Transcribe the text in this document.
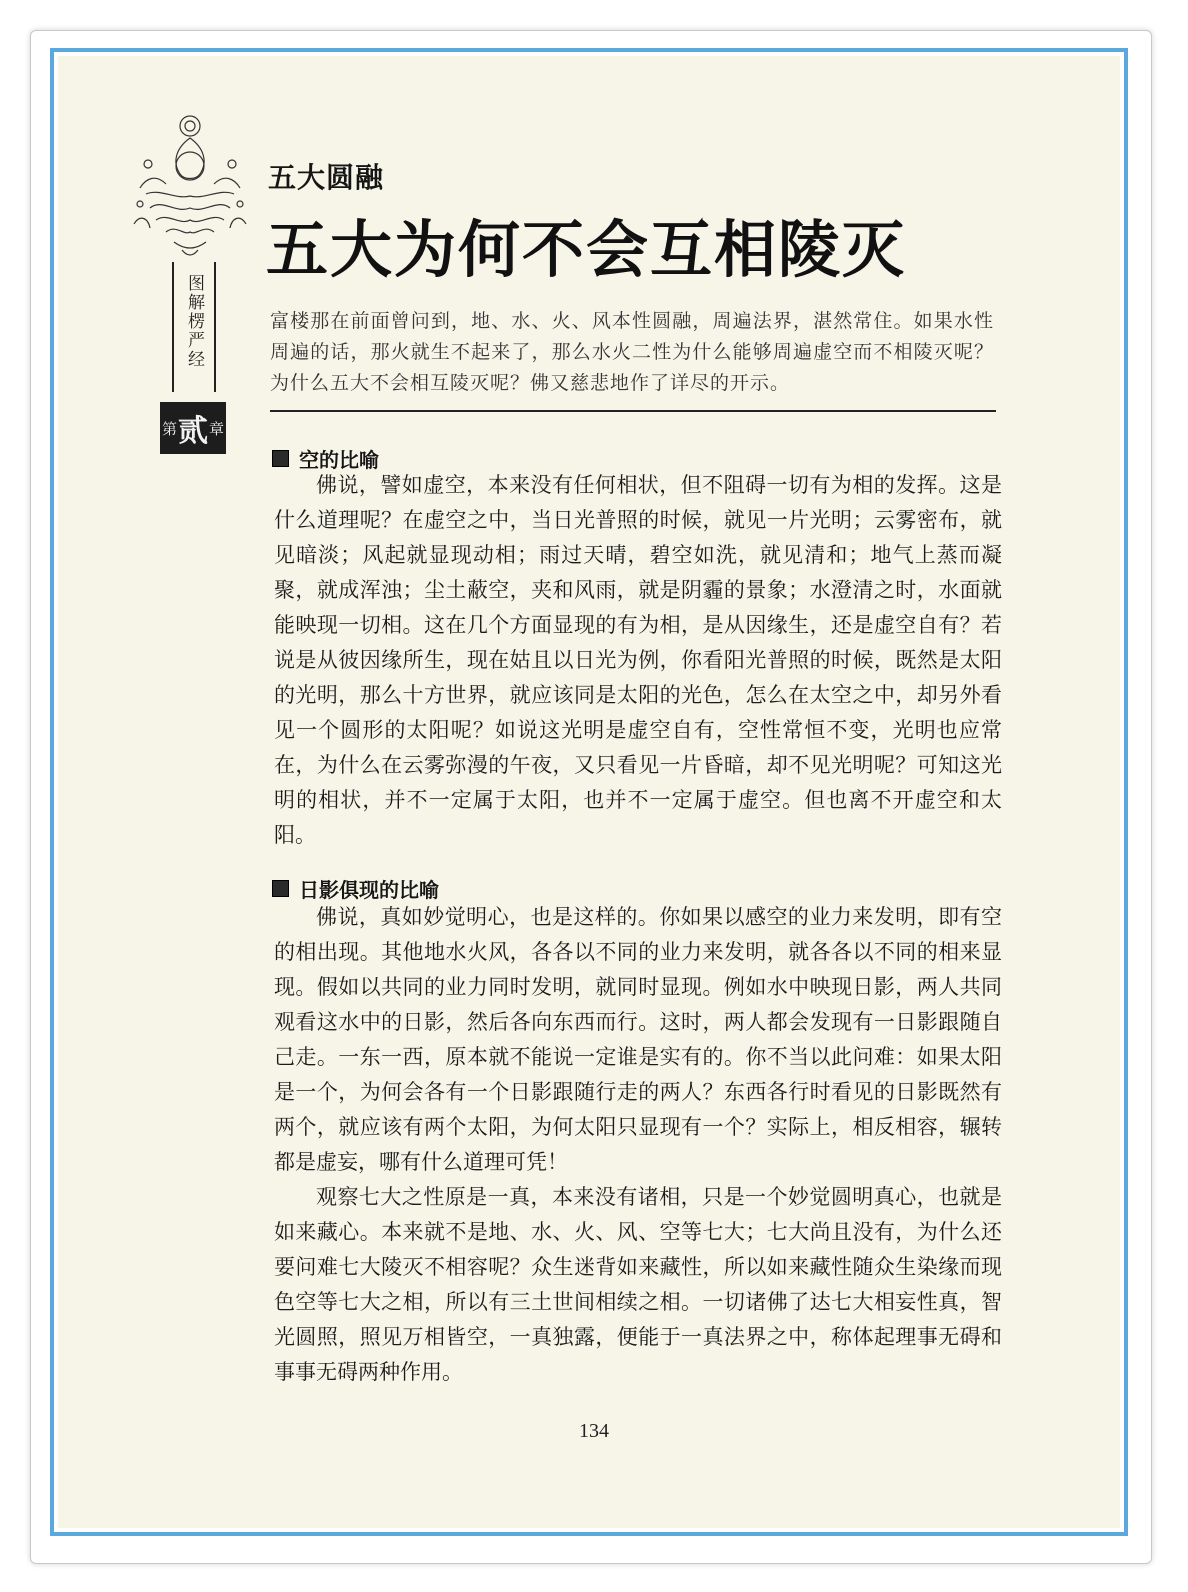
图解楞严经
第 贰 章
五大圆融
五大为何不会互相陵灭
富楼那在前面曾问到，地、水、火、风本性圆融，周遍法界，湛然常住。如果水性周遍的话，那火就生不起来了，那么水火二性为什么能够周遍虚空而不相陵灭呢？为什么五大不会相互陵灭呢？佛又慈悲地作了详尽的开示。
空的比喻

佛说，譬如虚空，本来没有任何相状，但不阻碍一切有为相的发挥。这是什么道理呢？在虚空之中，当日光普照的时候，就见一片光明；云雾密布，就见暗淡；风起就显现动相；雨过天晴，碧空如洗，就见清和；地气上蒸而凝聚，就成浑浊；尘土蔽空，夹和风雨，就是阴霾的景象；水澄清之时，水面就能映现一切相。这在几个方面显现的有为相，是从因缘生，还是虚空自有？若说是从彼因缘所生，现在姑且以日光为例，你看阳光普照的时候，既然是太阳的光明，那么十方世界，就应该同是太阳的光色，怎么在太空之中，却另外看见一个圆形的太阳呢？如说这光明是虚空自有，空性常恒不变，光明也应常在，为什么在云雾弥漫的午夜，又只看见一片昏暗，却不见光明呢？可知这光明的相状，并不一定属于太阳，也并不一定属于虚空。但也离不开虚空和太阳。

日影俱现的比喻

佛说，真如妙觉明心，也是这样的。你如果以感空的业力来发明，即有空的相出现。其他地水火风，各各以不同的业力来发明，就各各以不同的相来显现。假如以共同的业力同时发明，就同时显现。例如水中映现日影，两人共同观看这水中的日影，然后各向东西而行。这时，两人都会发现有一日影跟随自己走。一东一西，原本就不能说一定谁是实有的。你不当以此问难：如果太阳是一个，为何会各有一个日影跟随行走的两人？东西各行时看见的日影既然有两个，就应该有两个太阳，为何太阳只显现有一个？实际上，相反相容，辗转都是虚妄，哪有什么道理可凭！

观察七大之性原是一真，本来没有诸相，只是一个妙觉圆明真心，也就是如来藏心。本来就不是地、水、火、风、空等七大；七大尚且没有，为什么还要问难七大陵灭不相容呢？众生迷背如来藏性，所以如来藏性随众生染缘而现色空等七大之相，所以有三土世间相续之相。一切诸佛了达七大相妄性真，智光圆照，照见万相皆空，一真独露，便能于一真法界之中，称体起理事无碍和事事无碍两种作用。

134
